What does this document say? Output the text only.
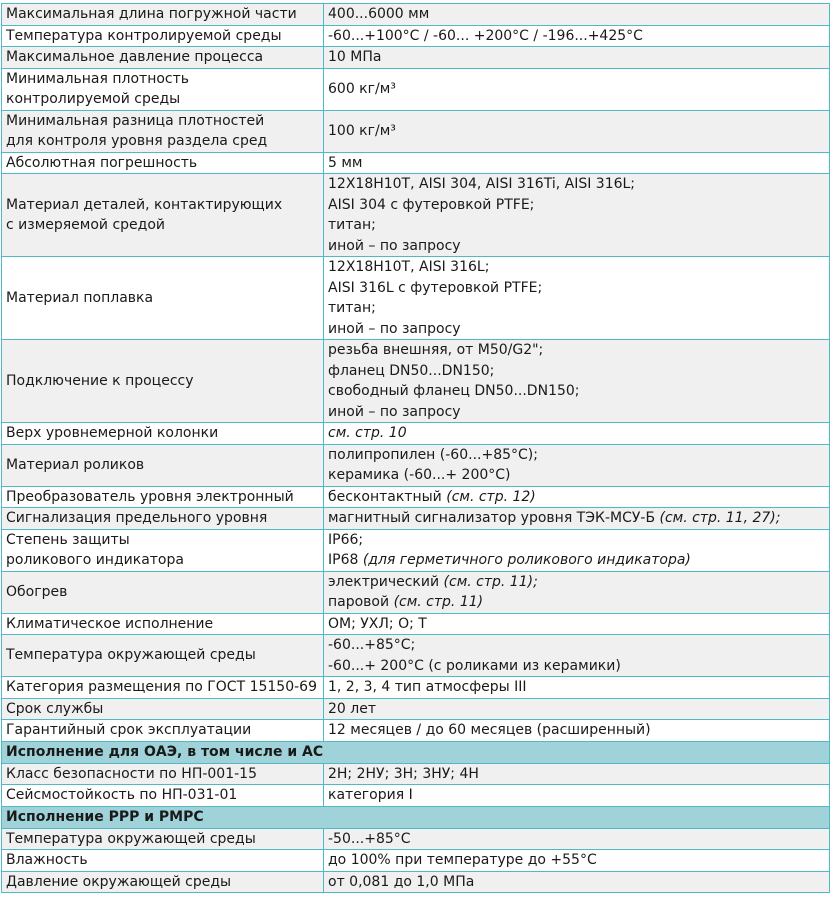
Максимальная длина погружной части	400...6000 мм

Температура контролируемой среды	-60...+100°C / -60... +200°C / -196...+425°C

Максимальное давление процесса	10 МПа

Минимальная плотность
контролируемой среды	600 кг/м³

Минимальная разница плотностей
для контроля уровня раздела сред	100 кг/м³

Абсолютная погрешность	5 мм

Материал деталей, контактирующих
с измеряемой средой	12Х18Н10Т, AISI 304, AISI 316Ti, AISI 316L;
AISI 304 с футеровкой PTFE;
титан;
иной – по запросу

Материал поплавка	12Х18Н10Т, AISI 316L;
AISI 316L с футеровкой PTFE;
титан;
иной – по запросу

Подключение к процессу	резьба внешняя, от М50/G2";
фланец DN50...DN150;
свободный фланец DN50...DN150;
иной – по запросу

Верх уровнемерной колонки	см. стр. 10

Материал роликов	полипропилен (-60...+85°C);
керамика (-60...+ 200°C)

Преобразователь уровня электронный	бесконтактный (см. стр. 12)

Сигнализация предельного уровня	магнитный сигнализатор уровня ТЭК-МСУ-Б (см. стр. 11, 27);

Степень защиты
роликового индикатора	IP66;
IP68 (для герметичного роликового индикатора)

Обогрев	электрический (см. стр. 11);
паровой (см. стр. 11)

Климатическое исполнение	ОМ; УХЛ; О; Т

Температура окружающей среды	-60...+85°C;
-60...+ 200°C (с роликами из керамики)

Категория размещения по ГОСТ 15150-69	1, 2, 3, 4 тип атмосферы III

Срок службы	20 лет

Гарантийный срок эксплуатации	12 месяцев / до 60 месяцев (расширенный)

Исполнение для ОАЭ, в том числе и АС	

Класс безопасности по НП-001-15	2Н; 2НУ; 3Н; 3НУ; 4Н

Сейсмостойкость по НП-031-01	категория I

Исполнение PPP и PMPC	

Температура окружающей среды	-50...+85°C

Влажность	до 100% при температуре до +55°C

Давление окружающей среды	от 0,081 до 1,0 МПа
